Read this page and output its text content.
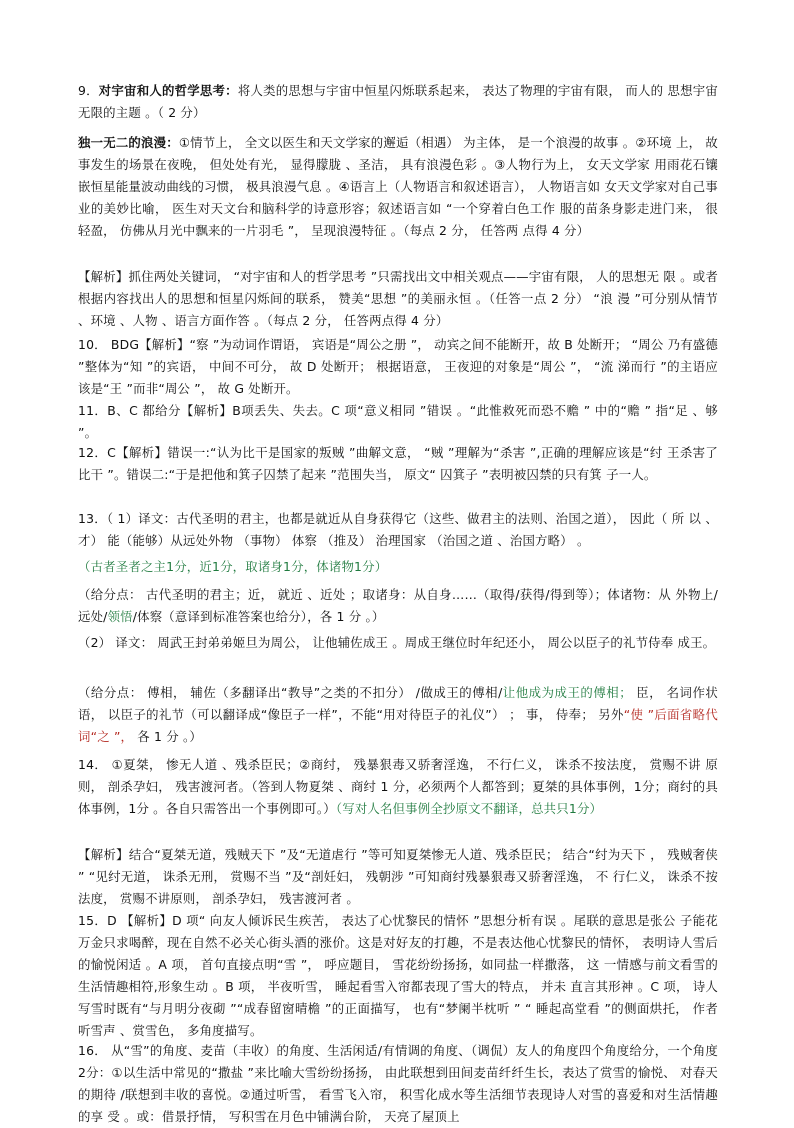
9．对宇宙和人的哲学思考：将人类的思想与宇宙中恒星闪烁联系起来， 表达了物理的宇宙有限， 而人的 思想宇宙无限的主题 。（ 2 分）

独一无二的浪漫：①情节上， 全文以医生和天文学家的邂逅（相遇） 为主体， 是一个浪漫的故事 。②环境 上， 故事发生的场景在夜晚， 但处处有光， 显得朦胧 、圣洁， 具有浪漫色彩 。③人物行为上， 女天文学家 用雨花石镶嵌恒星能量波动曲线的习惯， 极具浪漫气息 。④语言上（人物语言和叙述语言）， 人物语言如 女天文学家对自己事业的美妙比喻， 医生对天文台和脑科学的诗意形容；叙述语言如 “一个穿着白色工作 服的苗条身影走进门来， 很轻盈， 仿佛从月光中飘来的一片羽毛 ”， 呈现浪漫特征 。（每点 2 分， 任答两 点得 4 分）

【解析】抓住两处关键词， “对宇宙和人的哲学思考 ”只需找出文中相关观点——宇宙有限， 人的思想无 限 。或者根据内容找出人的思想和恒星闪烁间的联系， 赞美“思想 ”的美丽永恒 。（任答一点 2 分） “浪 漫 ”可分别从情节 、环境 、人物 、语言方面作答 。（每点 2 分， 任答两点得 4 分）

10． BDG【解析】“察 ”为动词作谓语， 宾语是“周公之册 ”， 动宾之间不能断开，故 B 处断开； “周公 乃有盛德 ”整体为“知 ”的宾语， 中间不可分， 故 D 处断开； 根据语意， 王夜迎的对象是“周公 ”， “流 涕而行 ”的主语应该是“王 ”而非“周公 ”， 故 G 处断开。

11．B、C 都给分【解析】B项丢失、失去。C 项“意义相同 ”错误 。“此惟救死而恐不赡 ” 中的“赡 ” 指“足 、够 ”。

12．C【解析】错误一:“认为比干是国家的叛贼 ”曲解文意， “贼 ”理解为“杀害 ”,正确的理解应该是“纣 王杀害了比干 ”。错误二:“于是把他和箕子囚禁了起来 ”范围失当， 原文“ 囚箕子 ”表明被囚禁的只有箕 子一人。

13．（ 1）译文：古代圣明的君主，也都是就近从自身获得它（这些、做君主的法则、治国之道）， 因此（ 所 以 、才） 能（能够）从远处外物 （事物） 体察 （推及） 治理国家 （治国之道 、治国方略） 。

（古者圣者之主1分，近1分，取诸身1分，体诸物1分）

（给分点： 古代圣明的君主；近， 就近 、近处 ；取诸身：从自身……（取得/获得/得到等）；体诸物：从 外物上/远处/领悟/体察（意译到标准答案也给分），各 1 分 。）

（2） 译文： 周武王封弟弟姬旦为周公， 让他辅佐成王 。周成王继位时年纪还小， 周公以臣子的礼节侍奉 成王。

（给分点： 傅相， 辅佐（多翻译出“教导”之类的不扣分） /做成王的傅相/让他成为成王的傅相； 臣， 名词作状语， 以臣子的礼节（可以翻译成“像臣子一样”，不能“用对待臣子的礼仪”） ； 事， 侍奉； 另外“使 ”后面省略代词“之 ”， 各 1 分 。）

14． ①夏桀， 惨无人道 、残杀臣民；②商纣， 残暴狠毒又骄奢淫逸， 不行仁义， 诛杀不按法度， 赏赐不讲 原则， 剖杀孕妇， 残害渡河者。（答到人物夏桀 、商纣 1 分，必须两个人都答到；夏桀的具体事例，1分；商纣的具体事例，1分 。各自只需答出一个事例即可。）（写对人名但事例全抄原文不翻译，总共只1分）

【解析】结合“夏桀无道，残贼天下 ”及“无道虐行 ”等可知夏桀惨无人道、残杀臣民； 结合“纣为天下 ， 残贼奢侠 ” “见纣无道， 诛杀无刑， 赏赐不当 ”及“剖妊妇， 残朝涉 ”可知商纣残暴狠毒又骄奢淫逸， 不 行仁义， 诛杀不按法度， 赏赐不讲原则， 剖杀孕妇， 残害渡河者 。

15．D 【解析】D 项“ 向友人倾诉民生疾苦， 表达了心忧黎民的情怀 ”思想分析有误 。尾联的意思是张公 子能花万金只求喝醉，现在自然不必关心街头酒的涨价。这是对好友的打趣，不是表达他心忧黎民的情怀， 表明诗人雪后的愉悦闲适 。A 项， 首句直接点明“雪 ”， 呼应题目， 雪花纷纷扬扬，如同盐一样撒落， 这 一情感与前文看雪的生活情趣相符,形象生动 。B 项， 半夜听雪， 睡起看雪入帘都表现了雪大的特点， 并未 直言其形神 。C 项， 诗人写雪时既有“与月明分夜砌 ”“成春留窗晴檐 ”的正面描写， 也有“梦阑半枕听 ” “ 睡起高堂看 ”的侧面烘托， 作者听雪声 、赏雪色， 多角度描写。

16． 从“雪”的角度、麦苗（丰收）的角度、生活闲适/有情调的角度、（调侃）友人的角度四个角度给分，一个角度2分：①以生活中常见的“撒盐 ”来比喻大雪纷纷扬扬， 由此联想到田间麦苗纤纤生长，表达了赏雪的愉悦、 对春天的期待 /联想到丰收的喜悦。②通过听雪， 看雪飞入帘， 积雪化成水等生活细节表现诗人对雪的喜爱和对生活情趣的享 受 。或：借景抒情， 写积雪在月色中铺满台阶， 天亮了屋顶上
